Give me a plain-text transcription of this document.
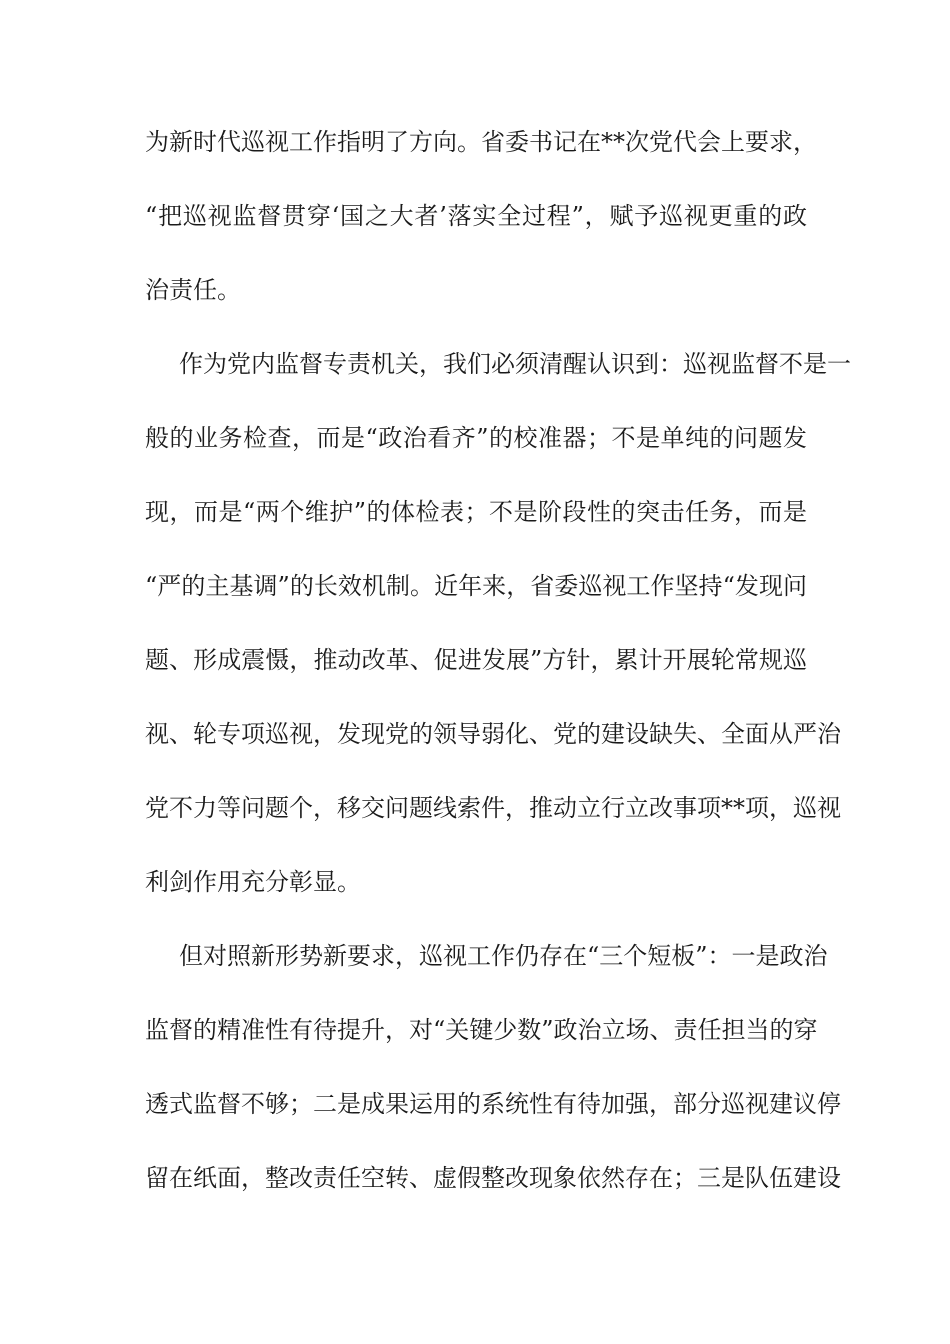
为新时代巡视工作指明了方向。省委书记在**次党代会上要求，
“把巡视监督贯穿‘国之大者’落实全过程”，赋予巡视更重的政
治责任。
作为党内监督专责机关，我们必须清醒认识到：巡视监督不是一
般的业务检查，而是“政治看齐”的校准器；不是单纯的问题发
现，而是“两个维护”的体检表；不是阶段性的突击任务，而是
“严的主基调”的长效机制。近年来，省委巡视工作坚持“发现问
题、形成震慑，推动改革、促进发展”方针，累计开展轮常规巡
视、轮专项巡视，发现党的领导弱化、党的建设缺失、全面从严治
党不力等问题个，移交问题线索件，推动立行立改事项**项，巡视
利剑作用充分彰显。
但对照新形势新要求，巡视工作仍存在“三个短板”：一是政治
监督的精准性有待提升，对“关键少数”政治立场、责任担当的穿
透式监督不够；二是成果运用的系统性有待加强，部分巡视建议停
留在纸面，整改责任空转、虚假整改现象依然存在；三是队伍建设
